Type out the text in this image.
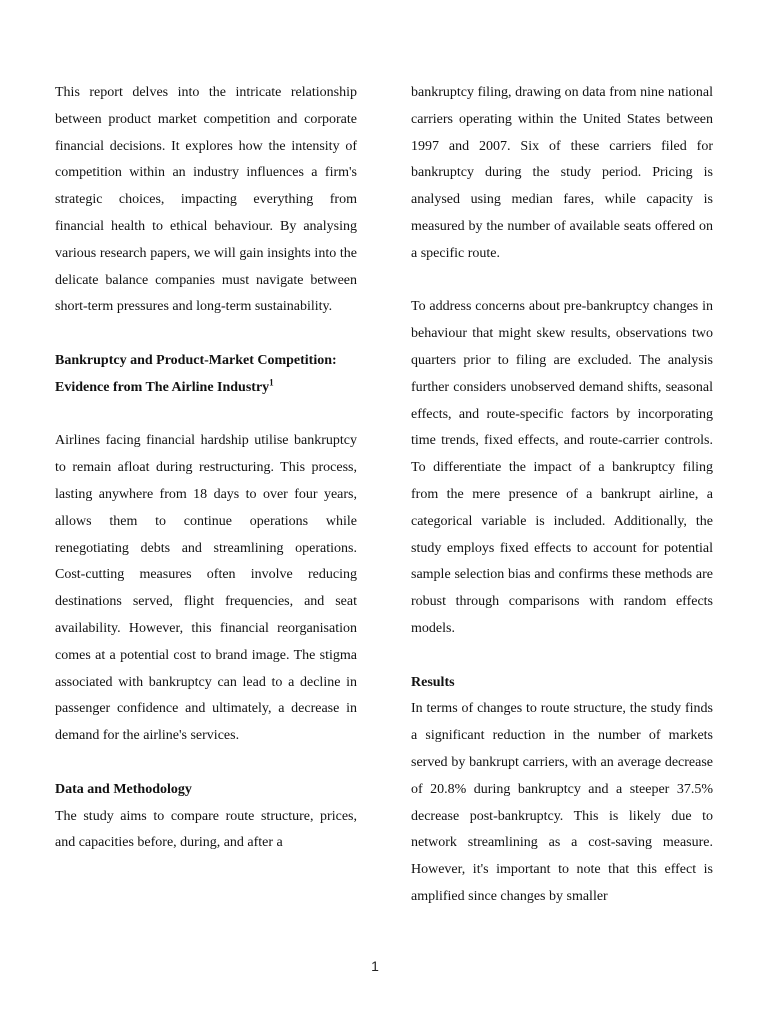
This report delves into the intricate relationship between product market competition and corporate financial decisions. It explores how the intensity of competition within an industry influences a firm's strategic choices, impacting everything from financial health to ethical behaviour. By analysing various research papers, we will gain insights into the delicate balance companies must navigate between short-term pressures and long-term sustainability.

Bankruptcy and Product-Market Competition: Evidence from The Airline Industry$^1$

Airlines facing financial hardship utilise bankruptcy to remain afloat during restructuring. This process, lasting anywhere from 18 days to over four years, allows them to continue operations while renegotiating debts and streamlining operations. Cost-cutting measures often involve reducing destinations served, flight frequencies, and seat availability. However, this financial reorganisation comes at a potential cost to brand image. The stigma associated with bankruptcy can lead to a decline in passenger confidence and ultimately, a decrease in demand for the airline's services.

Data and Methodology

The study aims to compare route structure, prices, and capacities before, during, and after a

bankruptcy filing, drawing on data from nine national carriers operating within the United States between 1997 and 2007. Six of these carriers filed for bankruptcy during the study period. Pricing is analysed using median fares, while capacity is measured by the number of available seats offered on a specific route.

To address concerns about pre-bankruptcy changes in behaviour that might skew results, observations two quarters prior to filing are excluded. The analysis further considers unobserved demand shifts, seasonal effects, and route-specific factors by incorporating time trends, fixed effects, and route-carrier controls. To differentiate the impact of a bankruptcy filing from the mere presence of a bankrupt airline, a categorical variable is included. Additionally, the study employs fixed effects to account for potential sample selection bias and confirms these methods are robust through comparisons with random effects models.

Results

In terms of changes to route structure, the study finds a significant reduction in the number of markets served by bankrupt carriers, with an average decrease of 20.8% during bankruptcy and a steeper 37.5% decrease post-bankruptcy. This is likely due to network streamlining as a cost-saving measure. However, it's important to note that this effect is amplified since changes by smaller

1
